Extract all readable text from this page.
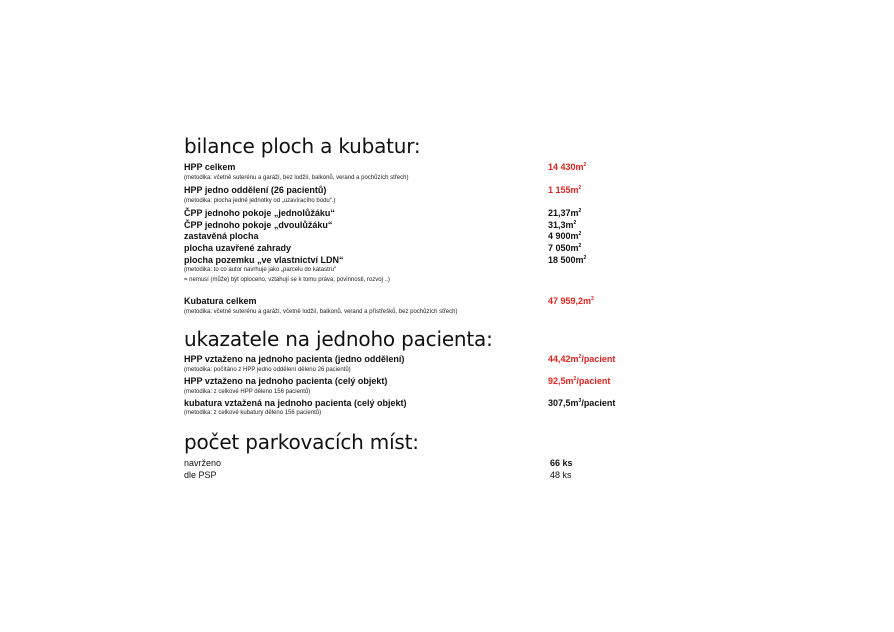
bilance ploch a kubatur:
HPP celkem	14 $430m^2$
(metodika: včetně suterénu a garáží, bez lodžií, balkonů, verand a pochůzích střech)
HPP jedno oddělení (26 pacientů)	1 $155m^2$
(metodika: plocha jedné jednotky od „uzavíracího bodu“.)
ČPP jednoho pokoje „jednolůžáku“	$21,37m^2$
ČPP jednoho pokoje „dvoulůžáku“	$31,3m^2$
zastavěná plocha	4 $900m^2$
plocha uzavřené zahrady	7 $050m^2$
plocha pozemku „ve vlastnictví LDN“	18 $500m^2$
(metodika: to co autor navrhuje jako „parcelu do katastru“
= nemusí (může) být oploceno, vztahují se k tomu práva, povinnosti, rozvoj ..)
Kubatura celkem	47 $959,2m^3$
(metodika: včetně suterénu a garáží, včetně lodžií, balkonů, verand a přístřešků, bez pochůzích střech)
ukazatele na jednoho pacienta:
HPP vztaženo na jednoho pacienta (jedno oddělení)	$44,42m^2$/pacient
(metodika: počítáno z HPP jedno oddělení děleno 26 pacientů)
HPP vztaženo na jednoho pacienta (celý objekt)	$92,5m^2$/pacient
(metodika: z celkové HPP děleno 156 pacientů)
kubatura vztažená na jednoho pacienta (celý objekt)	$307,5m^3$/pacient
(metodika: z celkové kubatury děleno 156 pacientů)
počet parkovacích míst:
navrženo	66 ks
dle PSP	48 ks
